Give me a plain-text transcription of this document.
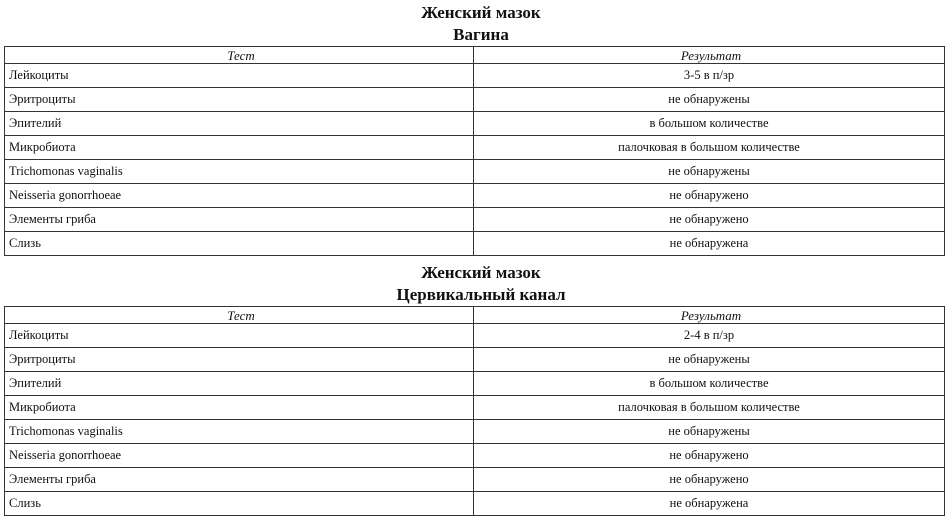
Женский мазок
Вагина
Тест	Результат
Лейкоциты	3-5 в п/зр
Эритроциты	не обнаружены
Эпителий	в большом количестве
Микробиота	палочковая в большом количестве
Trichomonas vaginalis	не обнаружены
Neisseria gonorrhoeae	не обнаружено
Элементы гриба	не обнаружено
Слизь	не обнаружена
Женский мазок
Цервикальный канал
Тест	Результат
Лейкоциты	2-4 в п/зр
Эритроциты	не обнаружены
Эпителий	в большом количестве
Микробиота	палочковая в большом количестве
Trichomonas vaginalis	не обнаружены
Neisseria gonorrhoeae	не обнаружено
Элементы гриба	не обнаружено
Слизь	не обнаружена
